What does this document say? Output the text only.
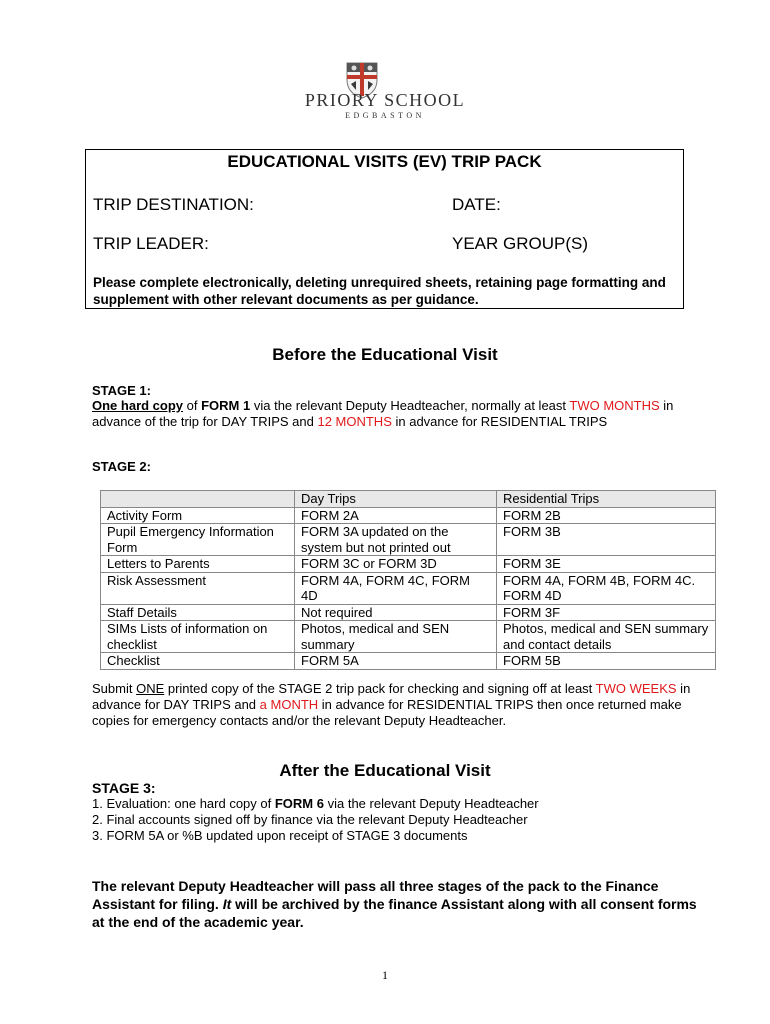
PRIORY SCHOOL
EDGBASTON
EDUCATIONAL VISITS (EV) TRIP PACK
TRIP DESTINATION:	DATE:
TRIP LEADER:	YEAR GROUP(S)
Please complete electronically, deleting unrequired sheets, retaining page formatting and supplement with other relevant documents as per guidance.
Before the Educational Visit
STAGE 1:
One hard copy of FORM 1 via the relevant Deputy Headteacher, normally at least TWO MONTHS in advance of the trip for DAY TRIPS and 12 MONTHS in advance for RESIDENTIAL TRIPS
STAGE 2:
	Day Trips	Residential Trips
Activity Form	FORM 2A	FORM 2B
Pupil Emergency Information Form	FORM 3A updated on the system but not printed out	FORM 3B
Letters to Parents	FORM 3C or FORM 3D	FORM 3E
Risk Assessment	FORM 4A, FORM 4C, FORM 4D	FORM 4A, FORM 4B, FORM 4C. FORM 4D
Staff Details	Not required	FORM 3F
SIMs Lists of information on checklist	Photos, medical and SEN summary	Photos, medical and SEN summary and contact details
Checklist	FORM 5A	FORM 5B
Submit ONE printed copy of the STAGE 2 trip pack for checking and signing off at least TWO WEEKS in advance for DAY TRIPS and a MONTH in advance for RESIDENTIAL TRIPS then once returned make copies for emergency contacts and/or the relevant Deputy Headteacher.
After the Educational Visit
STAGE 3:
1. Evaluation: one hard copy of FORM 6 via the relevant Deputy Headteacher
2. Final accounts signed off by finance via the relevant Deputy Headteacher
3. FORM 5A or %B updated upon receipt of STAGE 3 documents
The relevant Deputy Headteacher will pass all three stages of the pack to the Finance Assistant for filing. It will be archived by the finance Assistant along with all consent forms at the end of the academic year.
1
